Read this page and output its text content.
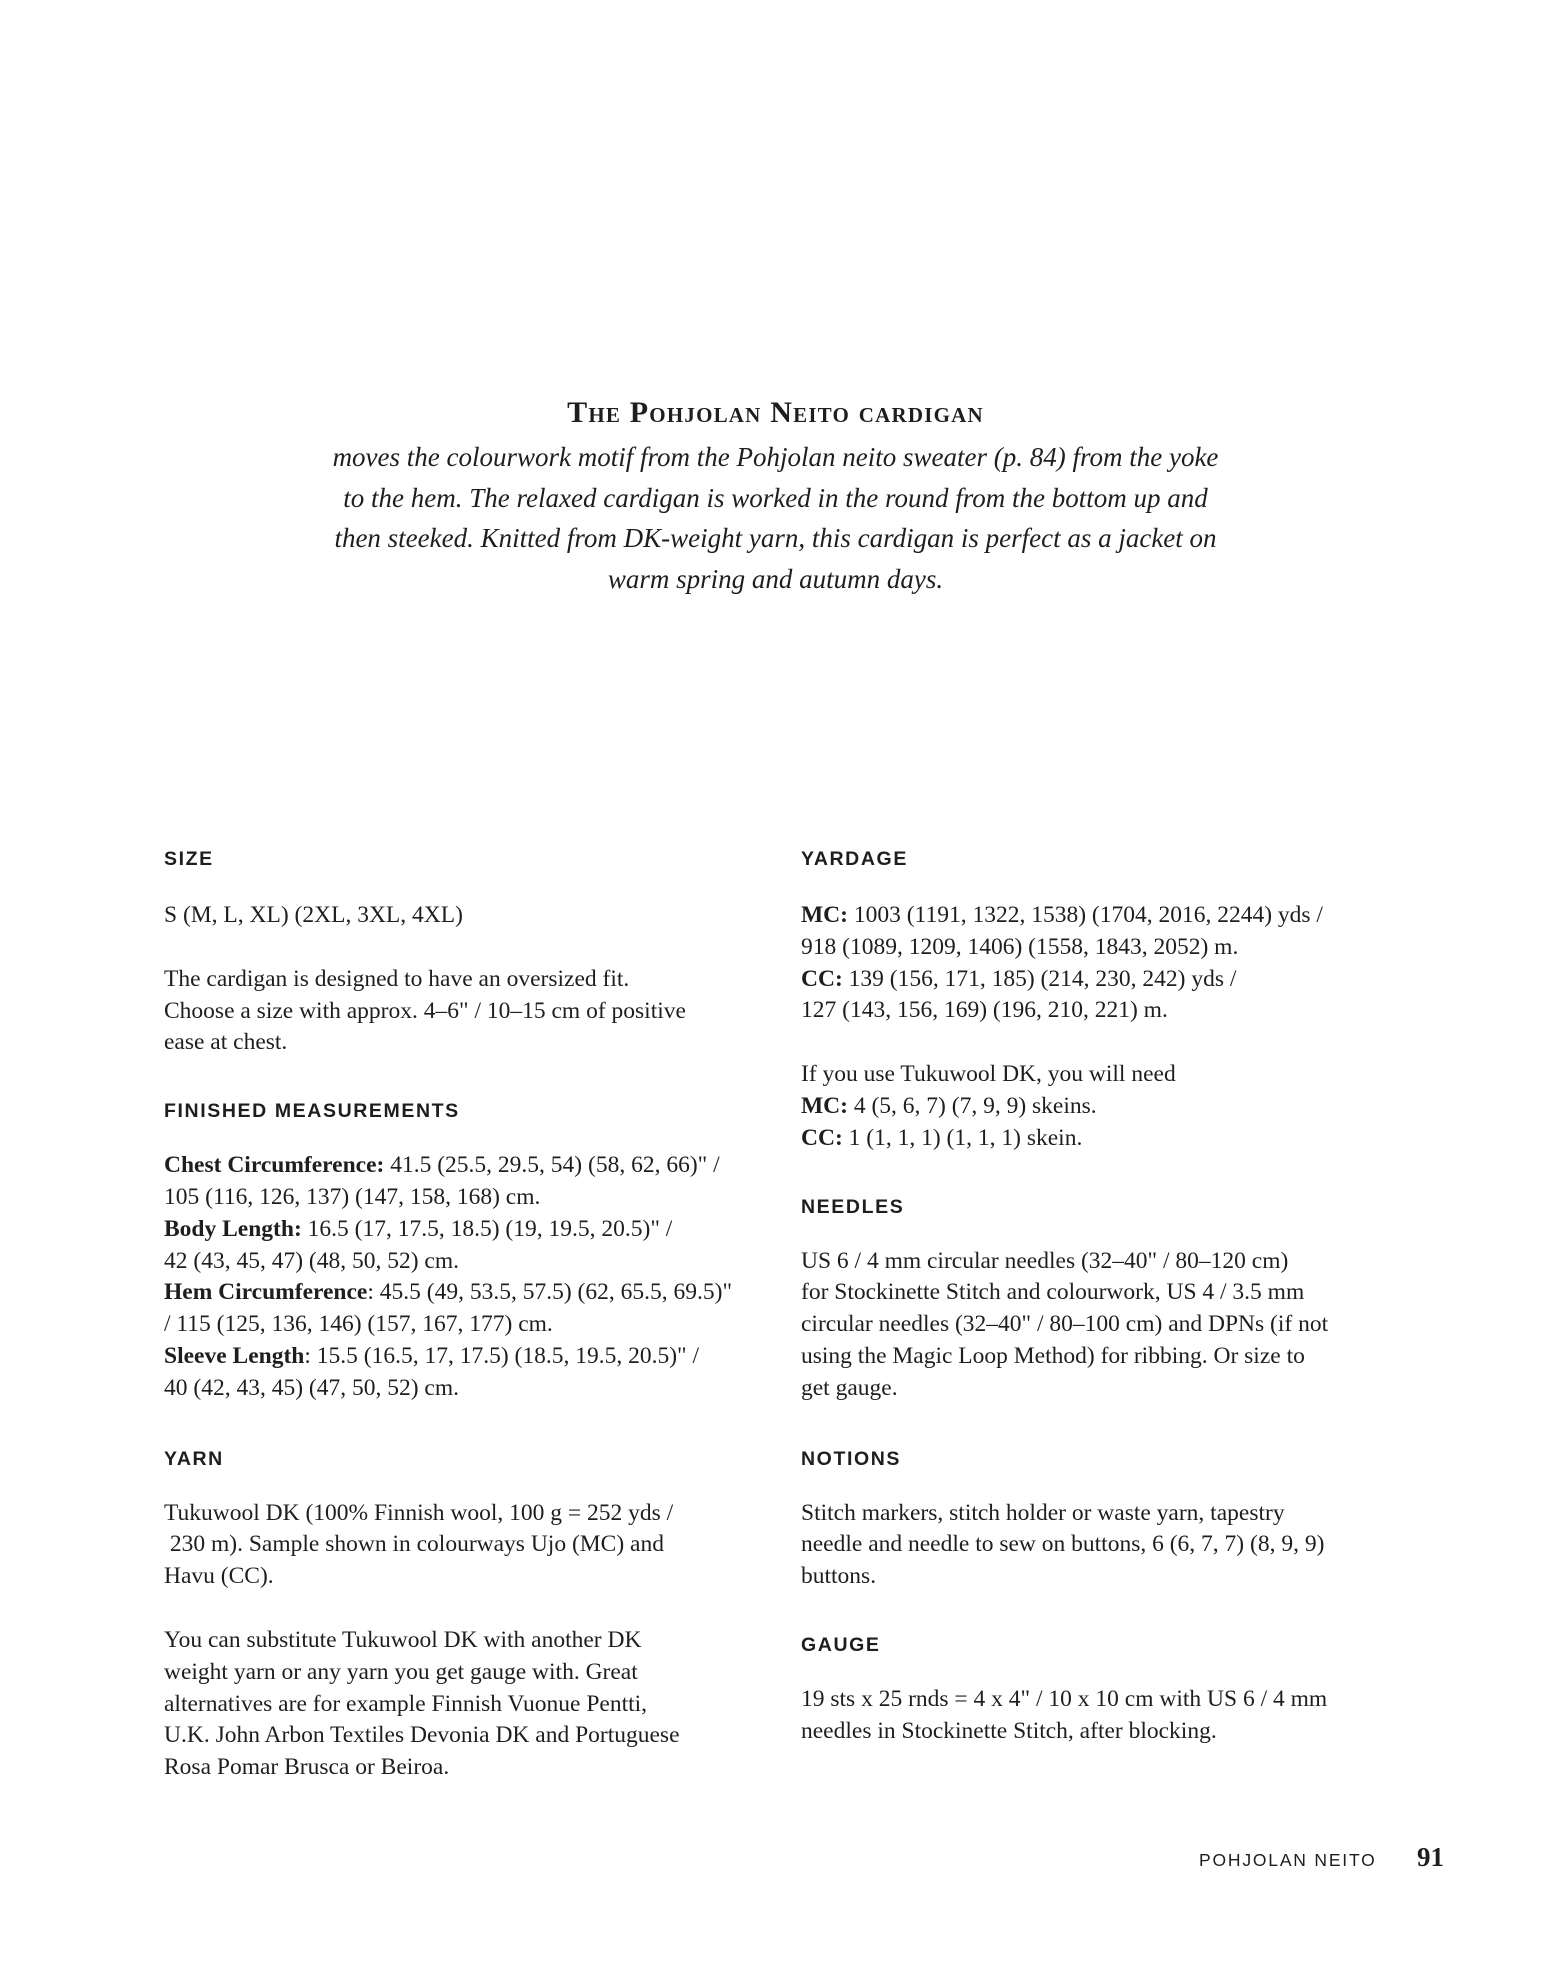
The Pohjolan Neito cardigan

moves the colourwork motif from the Pohjolan neito sweater (p. 84) from the yoke
to the hem. The relaxed cardigan is worked in the round from the bottom up and
then steeked. Knitted from DK-weight yarn, this cardigan is perfect as a jacket on
warm spring and autumn days.

SIZE

S (M, L, XL) (2XL, 3XL, 4XL)

The cardigan is designed to have an oversized fit.
Choose a size with approx. 4–6" / 10–15 cm of positive
ease at chest.

FINISHED MEASUREMENTS

Chest Circumference: 41.5 (25.5, 29.5, 54) (58, 62, 66)" /
105 (116, 126, 137) (147, 158, 168) cm.
Body Length: 16.5 (17, 17.5, 18.5) (19, 19.5, 20.5)" /
42 (43, 45, 47) (48, 50, 52) cm.
Hem Circumference: 45.5 (49, 53.5, 57.5) (62, 65.5, 69.5)"
/ 115 (125, 136, 146) (157, 167, 177) cm.
Sleeve Length: 15.5 (16.5, 17, 17.5) (18.5, 19.5, 20.5)" /
40 (42, 43, 45) (47, 50, 52) cm.

YARN

Tukuwool DK (100% Finnish wool, 100 g = 252 yds /
230 m). Sample shown in colourways Ujo (MC) and
Havu (CC).

You can substitute Tukuwool DK with another DK
weight yarn or any yarn you get gauge with. Great
alternatives are for example Finnish Vuonue Pentti,
U.K. John Arbon Textiles Devonia DK and Portuguese
Rosa Pomar Brusca or Beiroa.

YARDAGE

MC: 1003 (1191, 1322, 1538) (1704, 2016, 2244) yds /
918 (1089, 1209, 1406) (1558, 1843, 2052) m.
CC: 139 (156, 171, 185) (214, 230, 242) yds /
127 (143, 156, 169) (196, 210, 221) m.

If you use Tukuwool DK, you will need
MC: 4 (5, 6, 7) (7, 9, 9) skeins.
CC: 1 (1, 1, 1) (1, 1, 1) skein.

NEEDLES

US 6 / 4 mm circular needles (32–40" / 80–120 cm)
for Stockinette Stitch and colourwork, US 4 / 3.5 mm
circular needles (32–40" / 80–100 cm) and DPNs (if not
using the Magic Loop Method) for ribbing. Or size to
get gauge.

NOTIONS

Stitch markers, stitch holder or waste yarn, tapestry
needle and needle to sew on buttons, 6 (6, 7, 7) (8, 9, 9)
buttons.

GAUGE

19 sts x 25 rnds = 4 x 4" / 10 x 10 cm with US 6 / 4 mm
needles in Stockinette Stitch, after blocking.

POHJOLAN NEITO 91
